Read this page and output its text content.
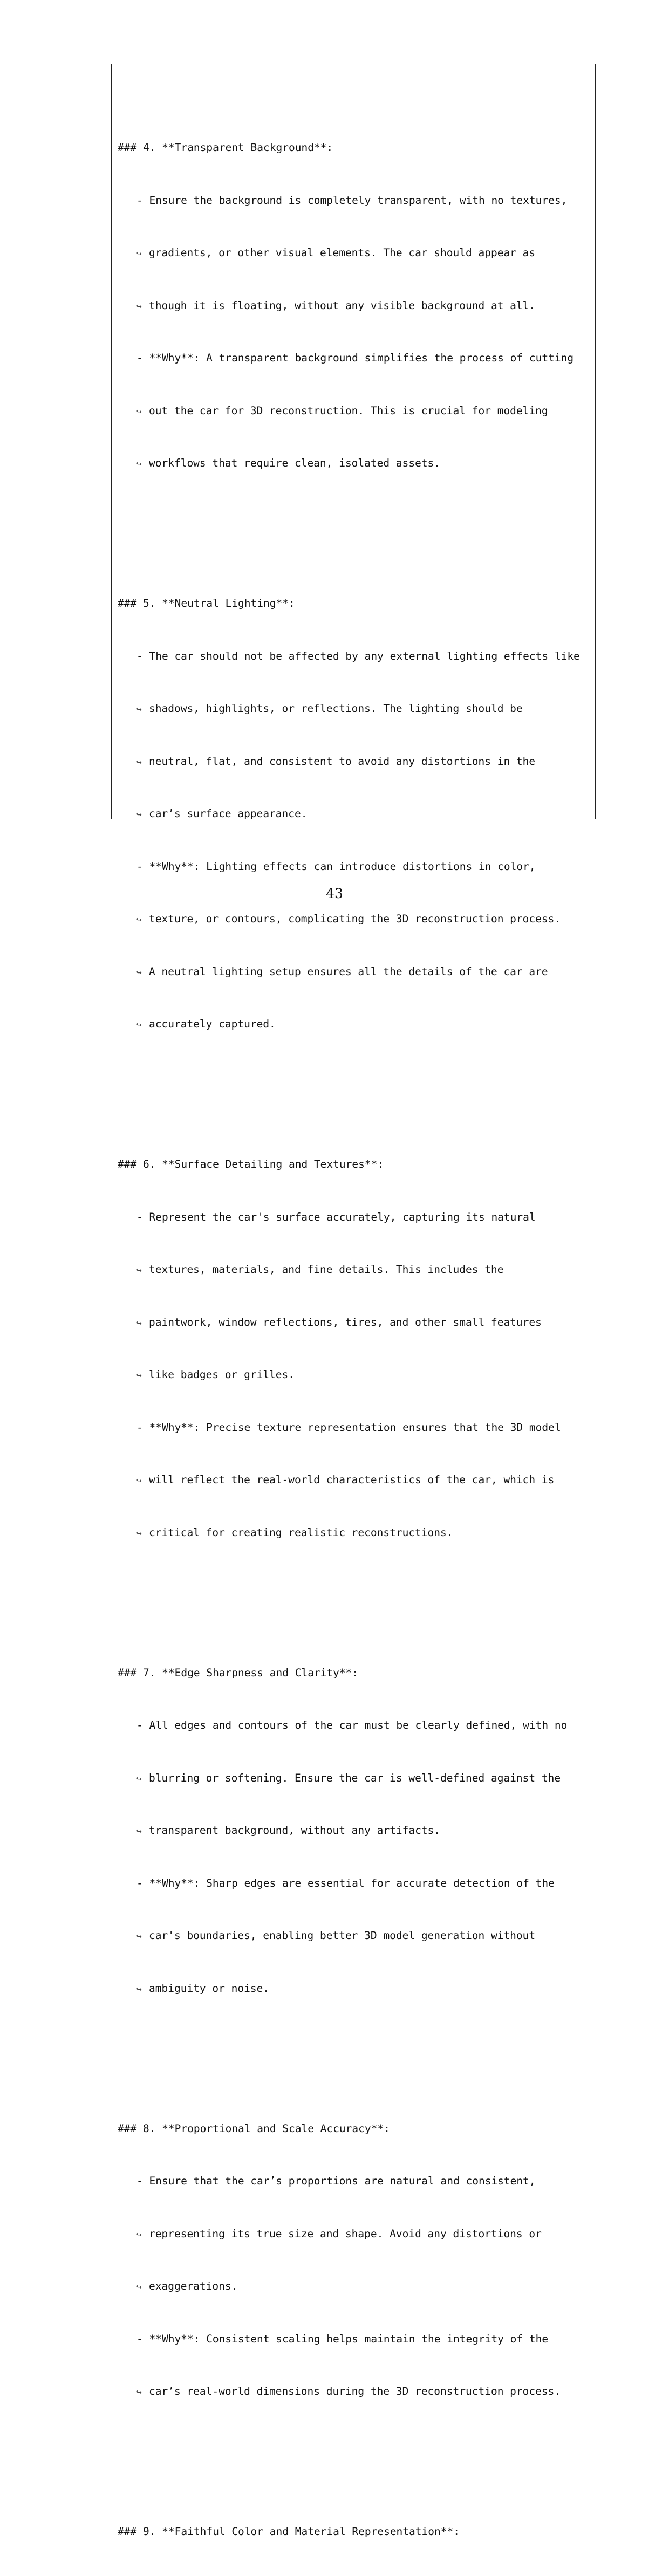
### 4. **Transparent Background**:

- Ensure the background is completely transparent, with no textures,

↪ gradients, or other visual elements. The car should appear as

↪ though it is floating, without any visible background at all.

- **Why**: A transparent background simplifies the process of cutting

↪ out the car for 3D reconstruction. This is crucial for modeling

↪ workflows that require clean, isolated assets.

### 5. **Neutral Lighting**:

- The car should not be affected by any external lighting effects like

↪ shadows, highlights, or reflections. The lighting should be

↪ neutral, flat, and consistent to avoid any distortions in the

↪ car’s surface appearance.

- **Why**: Lighting effects can introduce distortions in color,

↪ texture, or contours, complicating the 3D reconstruction process.

↪ A neutral lighting setup ensures all the details of the car are

↪ accurately captured.

### 6. **Surface Detailing and Textures**:

- Represent the car's surface accurately, capturing its natural

↪ textures, materials, and fine details. This includes the

↪ paintwork, window reflections, tires, and other small features

↪ like badges or grilles.

- **Why**: Precise texture representation ensures that the 3D model

↪ will reflect the real-world characteristics of the car, which is

↪ critical for creating realistic reconstructions.

### 7. **Edge Sharpness and Clarity**:

- All edges and contours of the car must be clearly defined, with no

↪ blurring or softening. Ensure the car is well-defined against the

↪ transparent background, without any artifacts.

- **Why**: Sharp edges are essential for accurate detection of the

↪ car's boundaries, enabling better 3D model generation without

↪ ambiguity or noise.

### 8. **Proportional and Scale Accuracy**:

- Ensure that the car’s proportions are natural and consistent,

↪ representing its true size and shape. Avoid any distortions or

↪ exaggerations.

- **Why**: Consistent scaling helps maintain the integrity of the

↪ car’s real-world dimensions during the 3D reconstruction process.

### 9. **Faithful Color and Material Representation**:

43
